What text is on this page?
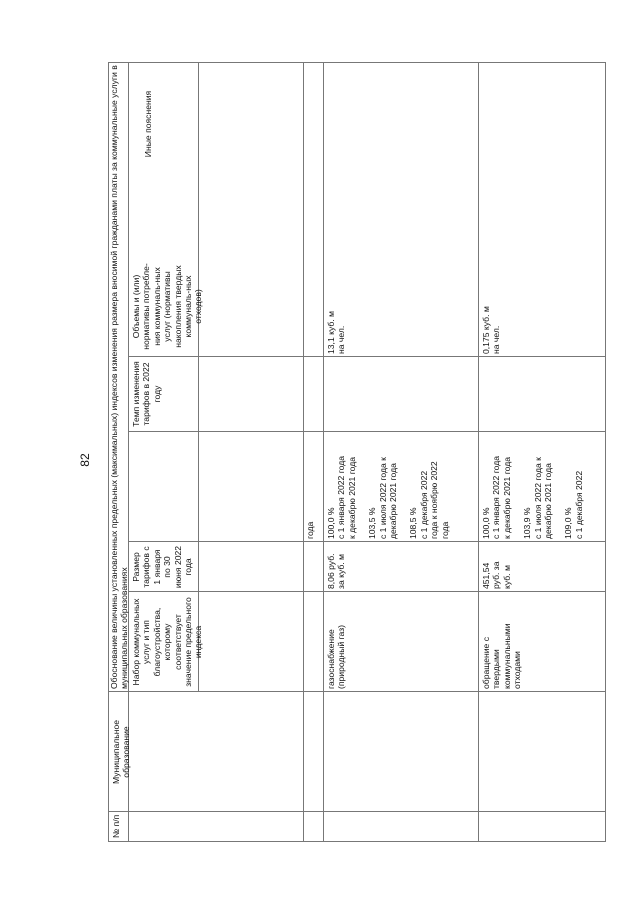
82
№ п/п
Муниципальное образование
Обоснование величины установленных предельных (максимальных) индексов изменения размера вносимой гражданами платы за коммунальные услуги в муниципальных образованиях Набор коммунальных услуг и тип благоустройства, которому соответствует значение предельного индекса
Размер тарифов с 1 января по 30 июня 2022 года
Темп изменения тарифов в 2022 году
Объемы и (или) нормативы потребле-ния коммуналь-ных услуг (нормативы накопления твердых коммуналь-ных отходов)
Иные пояснения
года

газоснабжение (природный газ)

8,06 руб. за куб. м

100,0 %
с 1 января 2022 года
к декабрю 2021 года

103,5 %
с 1 июля 2022 года к
декабрю 2021 года

108,5 %
с 1 декабря 2022
года к ноябрю 2022
года

13,1 куб. м
на чел.

обращение с
твердыми
коммунальными
отходами

451,54
руб. за
куб. м

100,0 %
с 1 января 2022 года
к декабрю 2021 года

103,9 %
с 1 июля 2022 года к
декабрю 2021 года

109,0 %
с 1 декабря 2022

0,175 куб. м
на чел.
